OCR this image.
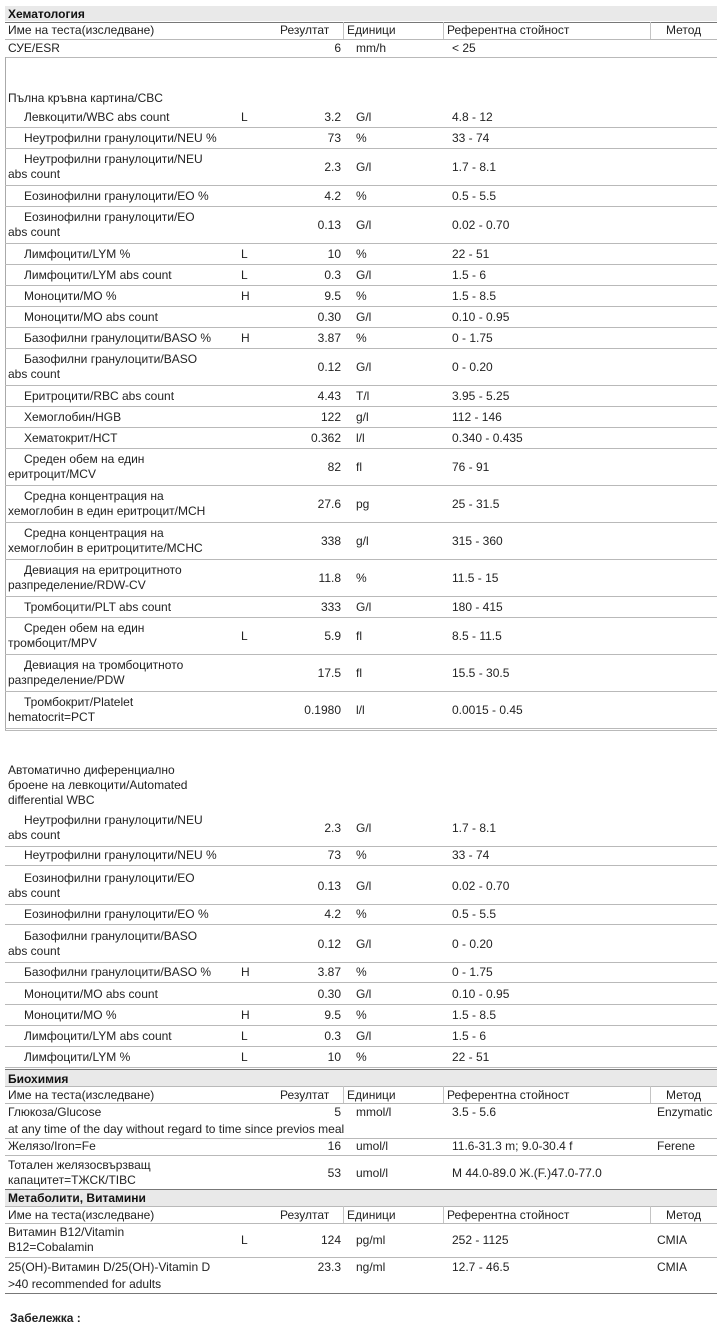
Хематология
Име на теста(изследване)	Резултат Единици	Референтна стойност	Метод
СУЕ/ESR	6 mm/h	< 25
Пълна кръвна картина/CBC
Левкоцити/WBC abs count	L	3.2 G/l	4.8 - 12
Неутрофилни гранулоцити/NEU %	73 %	33 - 74
Неутрофилни гранулоцити/NEU
abs count	2.3 G/l	1.7 - 8.1
Еозинофилни гранулоцити/EO %	4.2 %	0.5 - 5.5
Еозинофилни гранулоцити/EO
abs count	0.13 G/l	0.02 - 0.70
Лимфоцити/LYM %	L	10 %	22 - 51
Лимфоцити/LYM abs count	L	0.3 G/l	1.5 - 6
Моноцити/MO %	H	9.5 %	1.5 - 8.5
Моноцити/MO abs count	0.30 G/l	0.10 - 0.95
Базофилни гранулоцити/BASO %	H	3.87 %	0 - 1.75
Базофилни гранулоцити/BASO
abs count	0.12 G/l	0 - 0.20
Еритроцити/RBC abs count	4.43 T/l	3.95 - 5.25
Хемоглобин/HGB	122 g/l	112 - 146
Хематокрит/HCT	0.362 l/l	0.340 - 0.435
Среден обем на един
еритроцит/MCV	82 fl	76 - 91
Средна концентрация на
хемоглобин в един еритроцит/MCH	27.6 pg	25 - 31.5
Средна концентрация на
хемоглобин в еритроцитите/MCHC	338 g/l	315 - 360
Девиация на еритроцитното
разпределение/RDW-CV	11.8 %	11.5 - 15
Тромбоцити/PLT abs count	333 G/l	180 - 415
Среден обем на един
тромбоцит/MPV	L	5.9 fl	8.5 - 11.5
Девиация на тромбоцитното
разпределение/PDW	17.5 fl	15.5 - 30.5
Тромбокрит/Platelet
hematocrit=PCT	0.1980 l/l	0.0015 - 0.45
Автоматично диференциално
броене на левкоцити/Automated
differential WBC
Неутрофилни гранулоцити/NEU
abs count	2.3 G/l	1.7 - 8.1
Неутрофилни гранулоцити/NEU %	73 %	33 - 74
Еозинофилни гранулоцити/EO
abs count	0.13 G/l	0.02 - 0.70
Еозинофилни гранулоцити/EO %	4.2 %	0.5 - 5.5
Базофилни гранулоцити/BASO
abs count	0.12 G/l	0 - 0.20
Базофилни гранулоцити/BASO %	H	3.87 %	0 - 1.75
Моноцити/MO abs count	0.30 G/l	0.10 - 0.95
Моноцити/MO %	H	9.5 %	1.5 - 8.5
Лимфоцити/LYM abs count	L	0.3 G/l	1.5 - 6
Лимфоцити/LYM %	L	10 %	22 - 51
Биохимия
Име на теста(изследване)	Резултат Единици	Референтна стойност	Метод
Глюкоза/Glucose	5 mmol/l	3.5 - 5.6	Enzymatic
at any time of the day without regard to time since previos meal
Желязо/Iron=Fe	16 umol/l	11.6-31.3 m; 9.0-30.4 f	Ferene
Тотален желязосвързващ
капацитет=ТЖСК/TIBC	53 umol/l	М 44.0-89.0 Ж.(F.)47.0-77.0
Метаболити, Витамини
Име на теста(изследване)	Резултат Единици	Референтна стойност	Метод
Витамин B12/Vitamin
B12=Cobalamin	L	124 pg/ml	252 - 1125	CMIA
25(OH)-Витамин D/25(OH)-Vitamin D	23.3 ng/ml	12.7 - 46.5	CMIA
>40 recommended for adults
Забележка :
